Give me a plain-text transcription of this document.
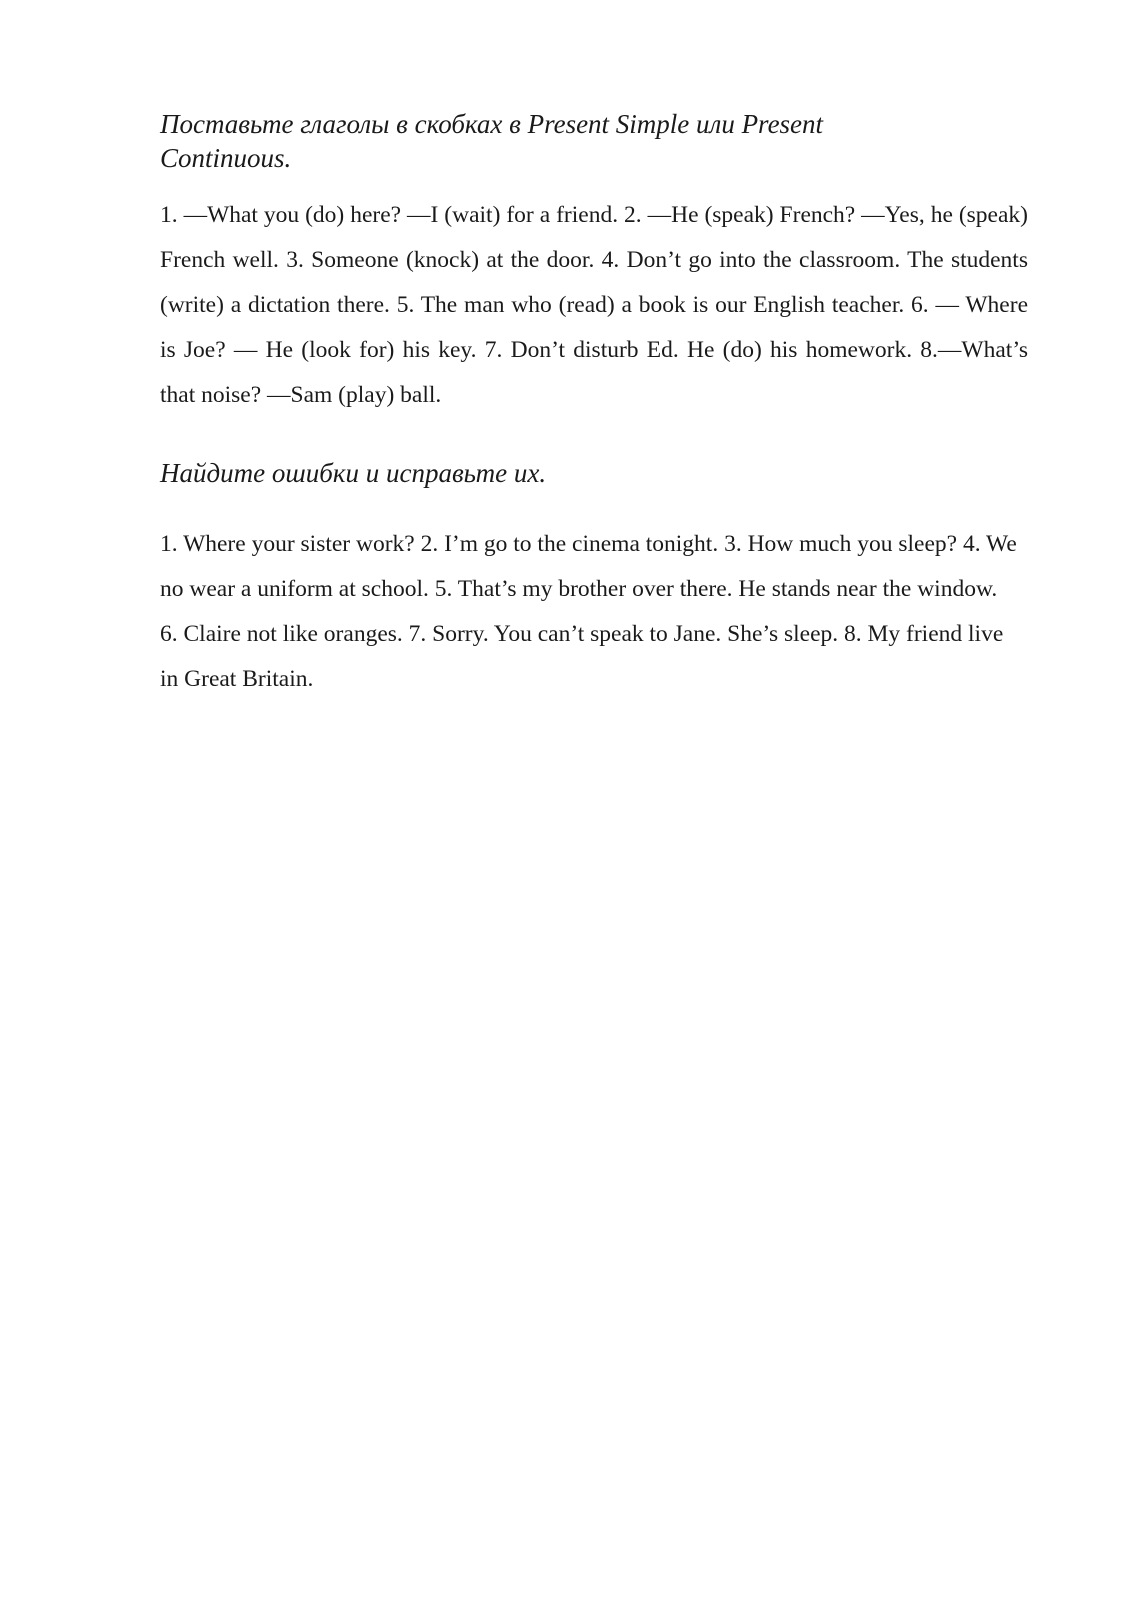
Поставьте глаголы в скобках в Present Simple или Present Continuous.

1. —What you (do) here? —I (wait) for a friend. 2. —He (speak) French? —Yes, he (speak) French well. 3. Someone (knock) at the door. 4. Don’t go into the classroom. The students (write) a dictation there. 5. The man who (read) a book is our English teacher. 6. — Where is Joe? — He (look for) his key. 7. Don’t disturb Ed. He (do) his homework. 8.—What’s that noise? —Sam (play) ball.

Найдите ошибки и исправьте их.

1. Where your sister work? 2. I’m go to the cinema tonight. 3. How much you sleep? 4. We no wear a uniform at school. 5. That’s my brother over there. He stands near the window. 6. Claire not like oranges. 7. Sorry. You can’t speak to Jane. She’s sleep. 8. My friend live in Great Britain.
